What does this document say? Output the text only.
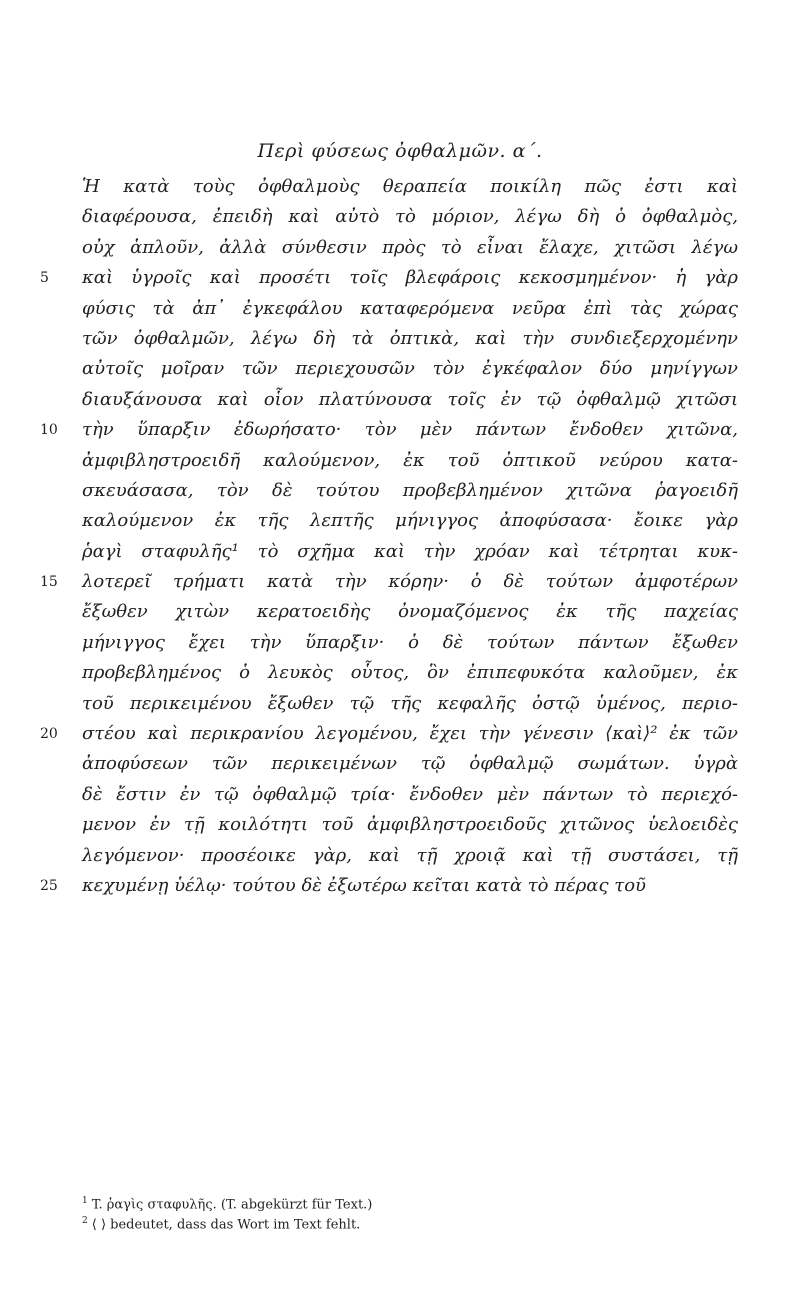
Περὶ φύσεως ὀφθαλμῶν. α΄.
Ἡ κατὰ τοὺς ὀφθαλμοὺς θεραπεία ποικίλη πῶς ἐστι καὶ
διαφέρουσα, ἐπειδὴ καὶ αὐτὸ τὸ μόριον, λέγω δὴ ὁ ὀφθαλμὸς,
οὐχ ἁπλοῦν, ἀλλὰ σύνθεσιν πρὸς τὸ εἶναι ἔλαχε, χιτῶσι λέγω
5	καὶ ὑγροῖς καὶ προσέτι τοῖς βλεφάροις κεκοσμημένον· ἡ γὰρ
φύσις τὰ ἀπ᾽ ἐγκεφάλου καταφερόμενα νεῦρα ἐπὶ τὰς χώρας
τῶν ὀφθαλμῶν, λέγω δὴ τὰ ὀπτικὰ, καὶ τὴν συνδιεξερχομένην
αὐτοῖς μοῖραν τῶν περιεχουσῶν τὸν ἐγκέφαλον δύο μηνίγγων
διαυξάνουσα καὶ οἷον πλατύνουσα τοῖς ἐν τῷ ὀφθαλμῷ χιτῶσι
10	τὴν ὕπαρξιν ἐδωρήσατο· τὸν μὲν πάντων ἔνδοθεν χιτῶνα,
ἀμφιβληστροειδῆ καλούμενον, ἐκ τοῦ ὀπτικοῦ νεύρου κατα-
σκευάσασα, τὸν δὲ τούτου προβεβλημένον χιτῶνα ῥαγοειδῆ
καλούμενον ἐκ τῆς λεπτῆς μήνιγγος ἀποφύσασα· ἔοικε γὰρ
ῥαγὶ σταφυλῆς¹ τὸ σχῆμα καὶ τὴν χρόαν καὶ τέτρηται κυκ-
15	λοτερεῖ τρήματι κατὰ τὴν κόρην· ὁ δὲ τούτων ἀμφοτέρων
ἔξωθεν χιτὼν κερατοειδὴς ὀνομαζόμενος ἐκ τῆς παχείας
μήνιγγος ἔχει τὴν ὕπαρξιν· ὁ δὲ τούτων πάντων ἔξωθεν
προβεβλημένος ὁ λευκὸς οὗτος, ὃν ἐπιπεφυκότα καλοῦμεν, ἐκ
τοῦ περικειμένου ἔξωθεν τῷ τῆς κεφαλῆς ὀστῷ ὑμένος, περιο-
20	στέου καὶ περικρανίου λεγομένου, ἔχει τὴν γένεσιν ⟨καὶ⟩² ἐκ τῶν
ἀποφύσεων τῶν περικειμένων τῷ ὀφθαλμῷ σωμάτων. ὑγρὰ
δὲ ἔστιν ἐν τῷ ὀφθαλμῷ τρία· ἔνδοθεν μὲν πάντων τὸ περιεχό-
μενον ἐν τῇ κοιλότητι τοῦ ἀμφιβληστροειδοῦς χιτῶνος ὑελοειδὲς
λεγόμενον· προσέοικε γὰρ, καὶ τῇ χροιᾷ καὶ τῇ συστάσει, τῇ
25	κεχυμένῃ ὑέλῳ· τούτου δὲ ἐξωτέρω κεῖται κατὰ τὸ πέρας τοῦ
$^1$ T. ῥαγὶς σταφυλῆς. (T. abgekürzt für Text.)
$^2$ ⟨ ⟩ bedeutet, dass das Wort im Text fehlt.
